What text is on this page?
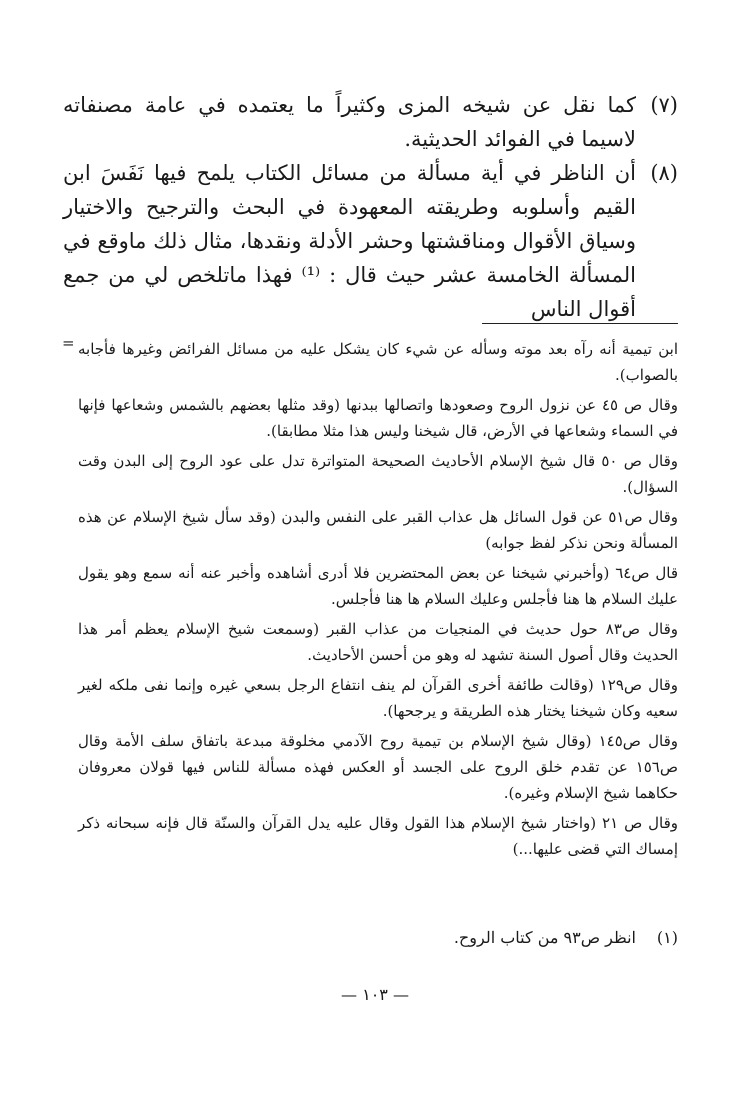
(٧)
كما نقل عن شيخه المزى وكثيراً ما يعتمده في عامة مصنفاته لاسيما في الفوائد الحديثية.
(٨)
أن الناظر في أية مسألة من مسائل الكتاب يلمح فيها نَفَسَ ابن القيم وأسلوبه وطريقته المعهودة في البحث والترجيح والاختيار وسياق الأقوال ومناقشتها وحشر الأدلة ونقدها، مثال ذلك ماوقع في المسألة الخامسة عشر حيث قال : ⁽¹⁾ فهذا ماتلخص لي من جمع أقوال الناس
= ابن تيمية أنه رآه بعد موته وسأله عن شيء كان يشكل عليه من مسائل الفرائض وغيرها فأجابه بالصواب).

وقال ص ٤٥ عن نزول الروح وصعودها واتصالها ببدنها (وقد مثلها بعضهم بالشمس وشعاعها فإنها في السماء وشعاعها في الأرض، قال شيخنا وليس هذا مثلا مطابقا).

وقال ص ٥٠ قال شيخ الإسلام الأحاديث الصحيحة المتواترة تدل على عود الروح إلى البدن وقت السؤال).

وقال ص٥١ عن قول السائل هل عذاب القبر على النفس والبدن (وقد سأل شيخ الإسلام عن هذه المسألة ونحن نذكر لفظ جوابه)

قال ص٦٤ (وأخبرني شيخنا عن بعض المحتضرين فلا أدرى أشاهده وأخبر عنه أنه سمع وهو يقول عليك السلام ها هنا فأجلس وعليك السلام ها هنا فأجلس.

وقال ص٨٣ حول حديث في المنجيات من عذاب القبر (وسمعت شيخ الإسلام يعظم أمر هذا الحديث وقال أصول السنة تشهد له وهو من أحسن الأحاديث.

وقال ص١٢٩ (وقالت طائفة أخرى القرآن لم ينف انتفاع الرجل بسعي غيره وإنما نفى ملكه لغير سعيه وكان شيخنا يختار هذه الطريقة و يرجحها).

وقال ص١٤٥ (وقال شيخ الإسلام بن تيمية روح الآدمي مخلوقة مبدعة باتفاق سلف الأمة وقال ص١٥٦ عن تقدم خلق الروح على الجسد أو العكس فهذه مسألة للناس فيها قولان معروفان حكاهما شيخ الإسلام وغيره).

وقال ص ٢١ (واختار شيخ الإسلام هذا القول وقال عليه يدل القرآن والسنّة قال فإنه سبحانه ذكر إمساك التي قضى عليها...)

(١)
انظر ص٩٣ من كتاب الروح.
— ١٠٣ —
